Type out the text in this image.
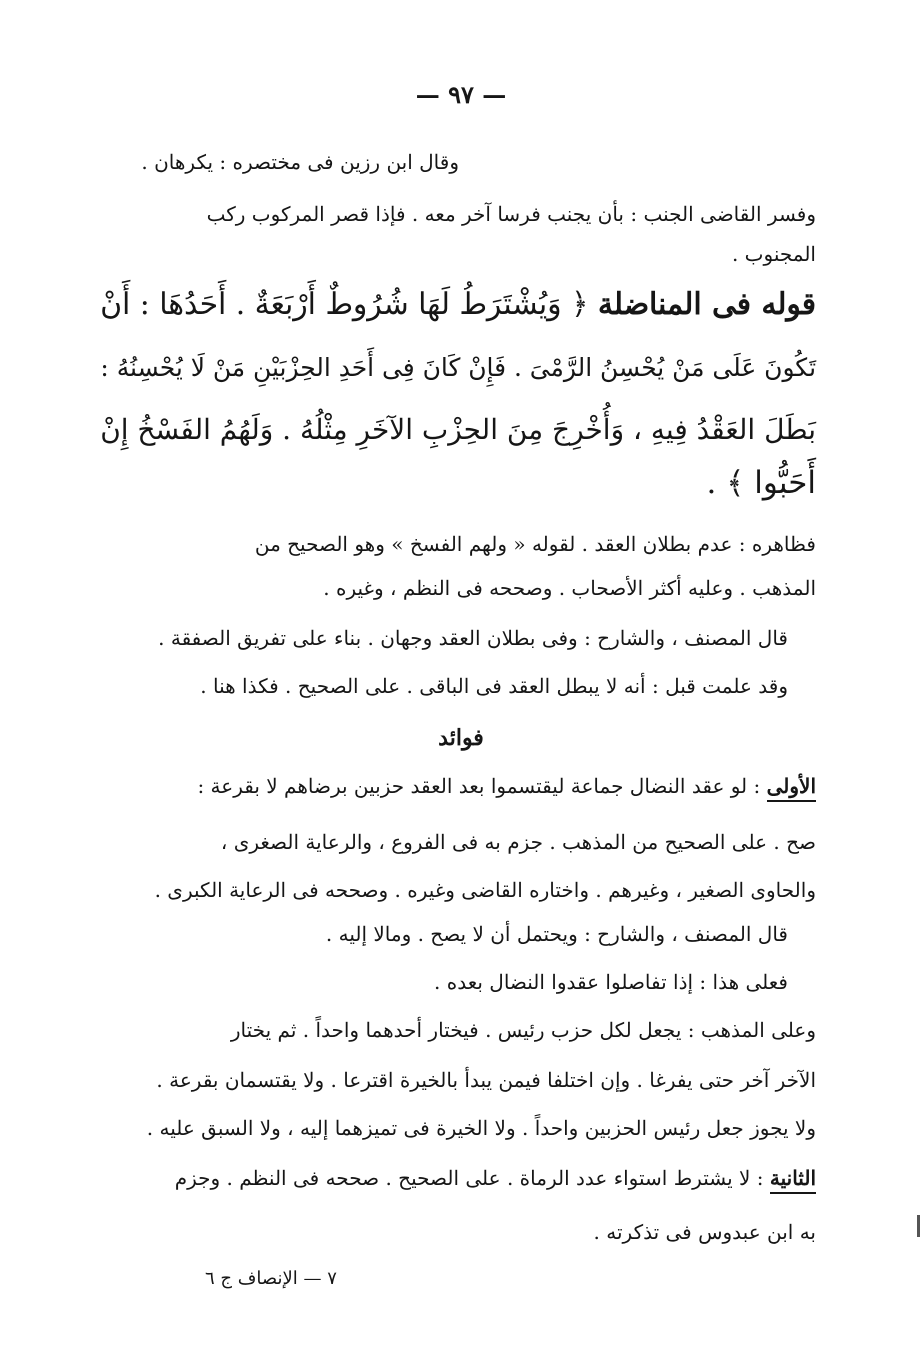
— ٩٧ —
وقال ابن رزين فى مختصره : يكرهان .
وفسر القاضى الجنب : بأن يجنب فرسا آخر معه . فإذا قصر المركوب ركب
المجنوب .
قوله فى المناضلة ﴿ وَيُشْتَرَطُ لَهَا شُرُوطٌ أَرْبَعَةٌ . أَحَدُهَا : أَنْ
تَكُونَ عَلَى مَنْ يُحْسِنُ الرَّمْىَ . فَإِنْ كَانَ فِى أَحَدِ الحِزْبَيْنِ مَنْ لَا يُحْسِنُهُ :
بَطَلَ العَقْدُ فِيهِ ، وَأُخْرِجَ مِنَ الحِزْبِ الآخَرِ مِثْلُهُ . وَلَهُمُ الفَسْخُ إِنْ
أَحَبُّوا ﴾ .
فظاهره : عدم بطلان العقد . لقوله « ولهم الفسخ » وهو الصحيح من
المذهب . وعليه أكثر الأصحاب . وصححه فى النظم ، وغيره .
قال المصنف ، والشارح : وفى بطلان العقد وجهان . بناء على تفريق الصفقة .
وقد علمت قبل : أنه لا يبطل العقد فى الباقى . على الصحيح . فكذا هنا .
فوائد
الأولى : لو عقد النضال جماعة ليقتسموا بعد العقد حزبين برضاهم لا بقرعة :
صح . على الصحيح من المذهب . جزم به فى الفروع ، والرعاية الصغرى ،
والحاوى الصغير ، وغيرهم . واختاره القاضى وغيره . وصححه فى الرعاية الكبرى .
قال المصنف ، والشارح : ويحتمل أن لا يصح . ومالا إليه .
فعلى هذا : إذا تفاصلوا عقدوا النضال بعده .
وعلى المذهب : يجعل لكل حزب رئيس . فيختار أحدهما واحداً . ثم يختار
الآخر آخر حتى يفرغا . وإن اختلفا فيمن يبدأ بالخيرة اقترعا . ولا يقتسمان بقرعة .
ولا يجوز جعل رئيس الحزبين واحداً . ولا الخيرة فى تميزهما إليه ، ولا السبق عليه .
الثانية : لا يشترط استواء عدد الرماة . على الصحيح . صححه فى النظم . وجزم
به ابن عبدوس فى تذكرته .
٧ — الإنصاف ج ٦
